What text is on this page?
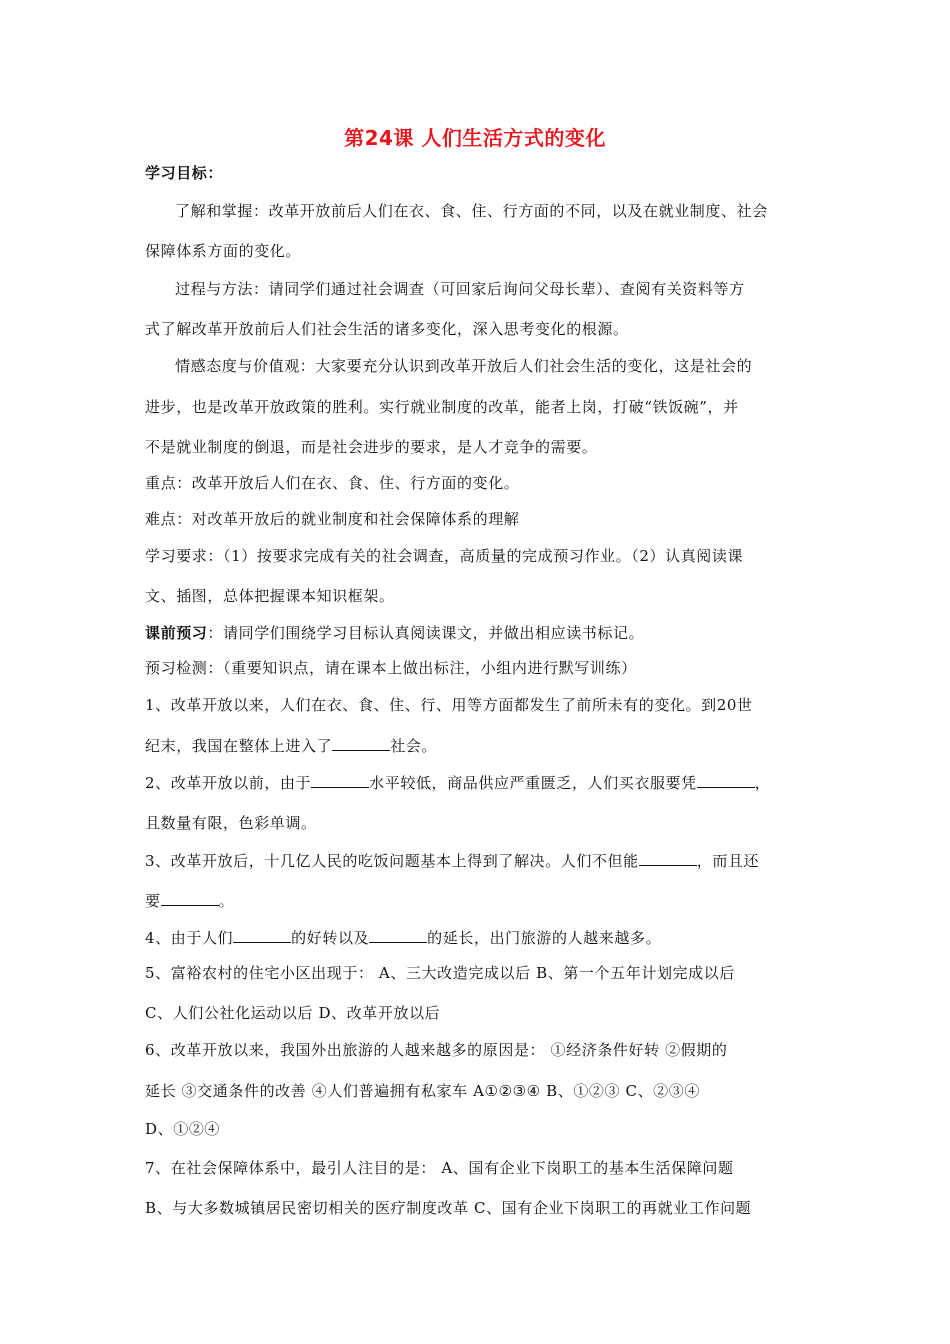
第24课 人们生活方式的变化
学习目标：
了解和掌握：改革开放前后人们在衣、食、住、行方面的不同，以及在就业制度、社会
保障体系方面的变化。
过程与方法：请同学们通过社会调查（可回家后询问父母长辈）、查阅有关资料等方
式了解改革开放前后人们社会生活的诸多变化，深入思考变化的根源。
情感态度与价值观：大家要充分认识到改革开放后人们社会生活的变化，这是社会的
进步，也是改革开放政策的胜利。实行就业制度的改革，能者上岗，打破“铁饭碗”，并
不是就业制度的倒退，而是社会进步的要求，是人才竞争的需要。
重点：改革开放后人们在衣、食、住、行方面的变化。
难点：对改革开放后的就业制度和社会保障体系的理解
学习要求：（1）按要求完成有关的社会调查，高质量的完成预习作业。（2）认真阅读课
文、插图，总体把握课本知识框架。
课前预习：请同学们围绕学习目标认真阅读课文，并做出相应读书标记。
预习检测：（重要知识点，请在课本上做出标注，小组内进行默写训练）
1、改革开放以来，人们在衣、食、住、行、用等方面都发生了前所未有的变化。到20世
纪末，我国在整体上进入了	社会。
2、改革开放以前，由于	水平较低，商品供应严重匮乏，人们买衣服要凭	，
且数量有限，色彩单调。
3、改革开放后，十几亿人民的吃饭问题基本上得到了解决。人们不但能	，而且还
要	。
4、由于人们	的好转以及	的延长，出门旅游的人越来越多。
5、富裕农村的住宅小区出现于： A、三大改造完成以后 B、第一个五年计划完成以后
C、人们公社化运动以后 D、改革开放以后
6、改革开放以来，我国外出旅游的人越来越多的原因是： ①经济条件好转 ②假期的
延长 ③交通条件的改善 ④人们普遍拥有私家车 A①②③④ B、①②③ C、②③④
D、①②④
7、在社会保障体系中，最引人注目的是： A、国有企业下岗职工的基本生活保障问题
B、与大多数城镇居民密切相关的医疗制度改革 C、国有企业下岗职工的再就业工作问题
